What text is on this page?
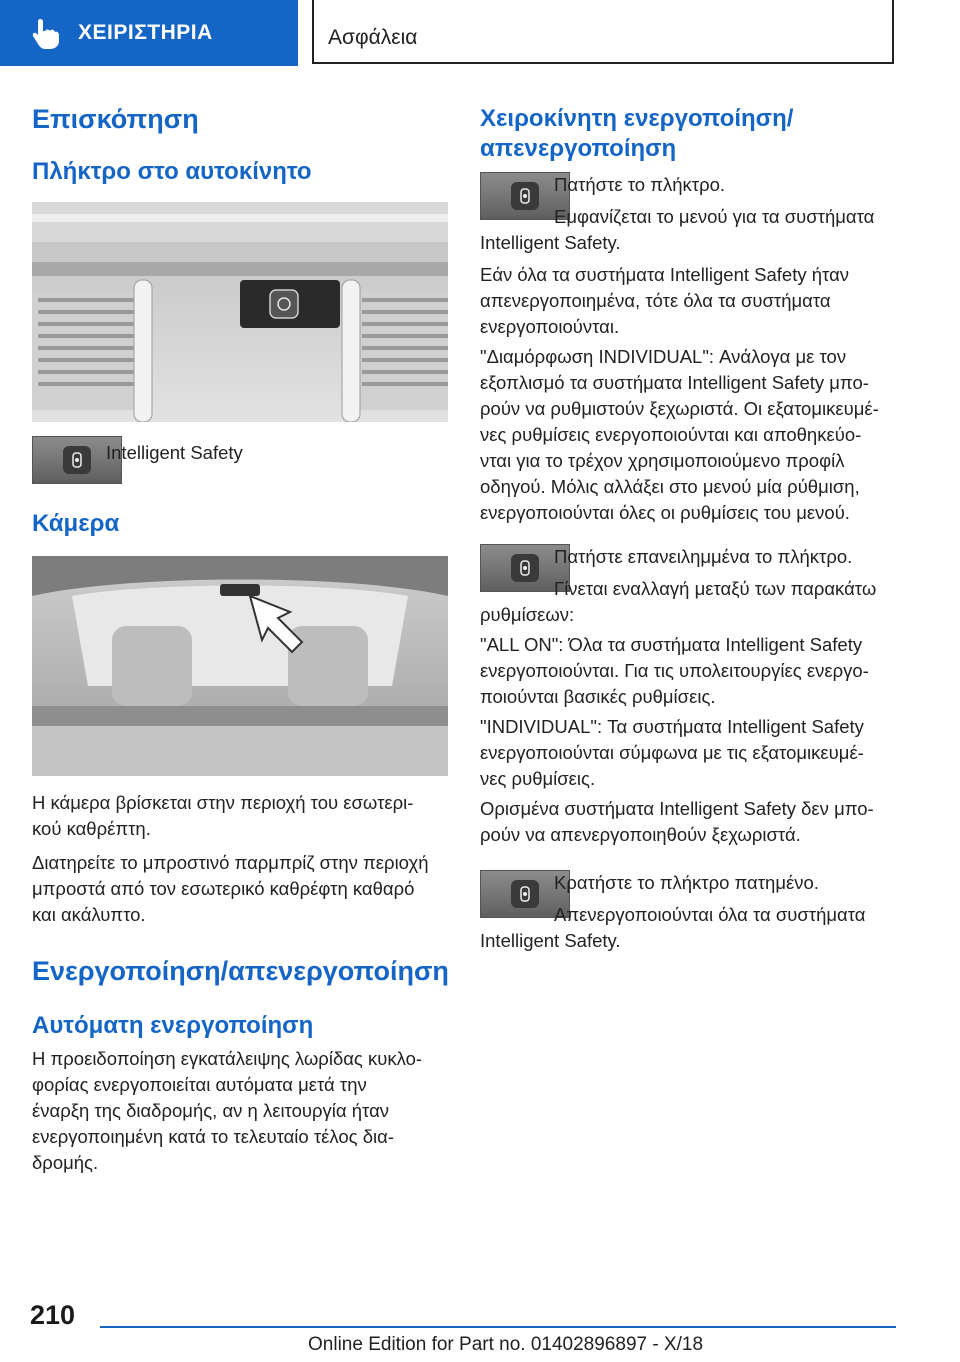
ΧΕΙΡΙΣΤΗΡΙΑ	Ασφάλεια
Επισκόπηση
Πλήκτρο στο αυτοκίνητο
Intelligent Safety
Κάμερα

Η κάμερα βρίσκεται στην περιοχή του εσωτερι-
κού καθρέπτη.

Διατηρείτε το μπροστινό παρμπρίζ στην περιοχή
μπροστά από τον εσωτερικό καθρέφτη καθαρό
και ακάλυπτο.

Ενεργοποίηση/απενεργοποίηση
Αυτόματη ενεργοποίηση

Η προειδοποίηση εγκατάλειψης λωρίδας κυκλο-
φορίας ενεργοποιείται αυτόματα μετά την
έναρξη της διαδρομής, αν η λειτουργία ήταν
ενεργοποιημένη κατά το τελευταίο τέλος δια-
δρομής.

Χειροκίνητη ενεργοποίηση/
απενεργοποίηση
Πατήστε το πλήκτρο.

Εμφανίζεται το μενού για τα συστήματα
Intelligent Safety.

Εάν όλα τα συστήματα Intelligent Safety ήταν
απενεργοποιημένα, τότε όλα τα συστήματα
ενεργοποιούνται.

"Διαμόρφωση INDIVIDUAL": Ανάλογα με τον
εξοπλισμό τα συστήματα Intelligent Safety μπο-
ρούν να ρυθμιστούν ξεχωριστά. Οι εξατομικευμέ-
νες ρυθμίσεις ενεργοποιούνται και αποθηκεύο-
νται για το τρέχον χρησιμοποιούμενο προφίλ
οδηγού. Μόλις αλλάξει στο μενού μία ρύθμιση,
ενεργοποιούνται όλες οι ρυθμίσεις του μενού.

Πατήστε επανειλημμένα το πλήκτρο.

Γίνεται εναλλαγή μεταξύ των παρακάτω
ρυθμίσεων:

"ALL ON": Όλα τα συστήματα Intelligent Safety
ενεργοποιούνται. Για τις υπολειτουργίες ενεργο-
ποιούνται βασικές ρυθμίσεις.

"INDIVIDUAL": Τα συστήματα Intelligent Safety
ενεργοποιούνται σύμφωνα με τις εξατομικευμέ-
νες ρυθμίσεις.

Ορισμένα συστήματα Intelligent Safety δεν μπο-
ρούν να απενεργοποιηθούν ξεχωριστά.

Κρατήστε το πλήκτρο πατημένο.

Απενεργοποιούνται όλα τα συστήματα
Intelligent Safety.

210
Online Edition for Part no. 01402896897 - X/18
